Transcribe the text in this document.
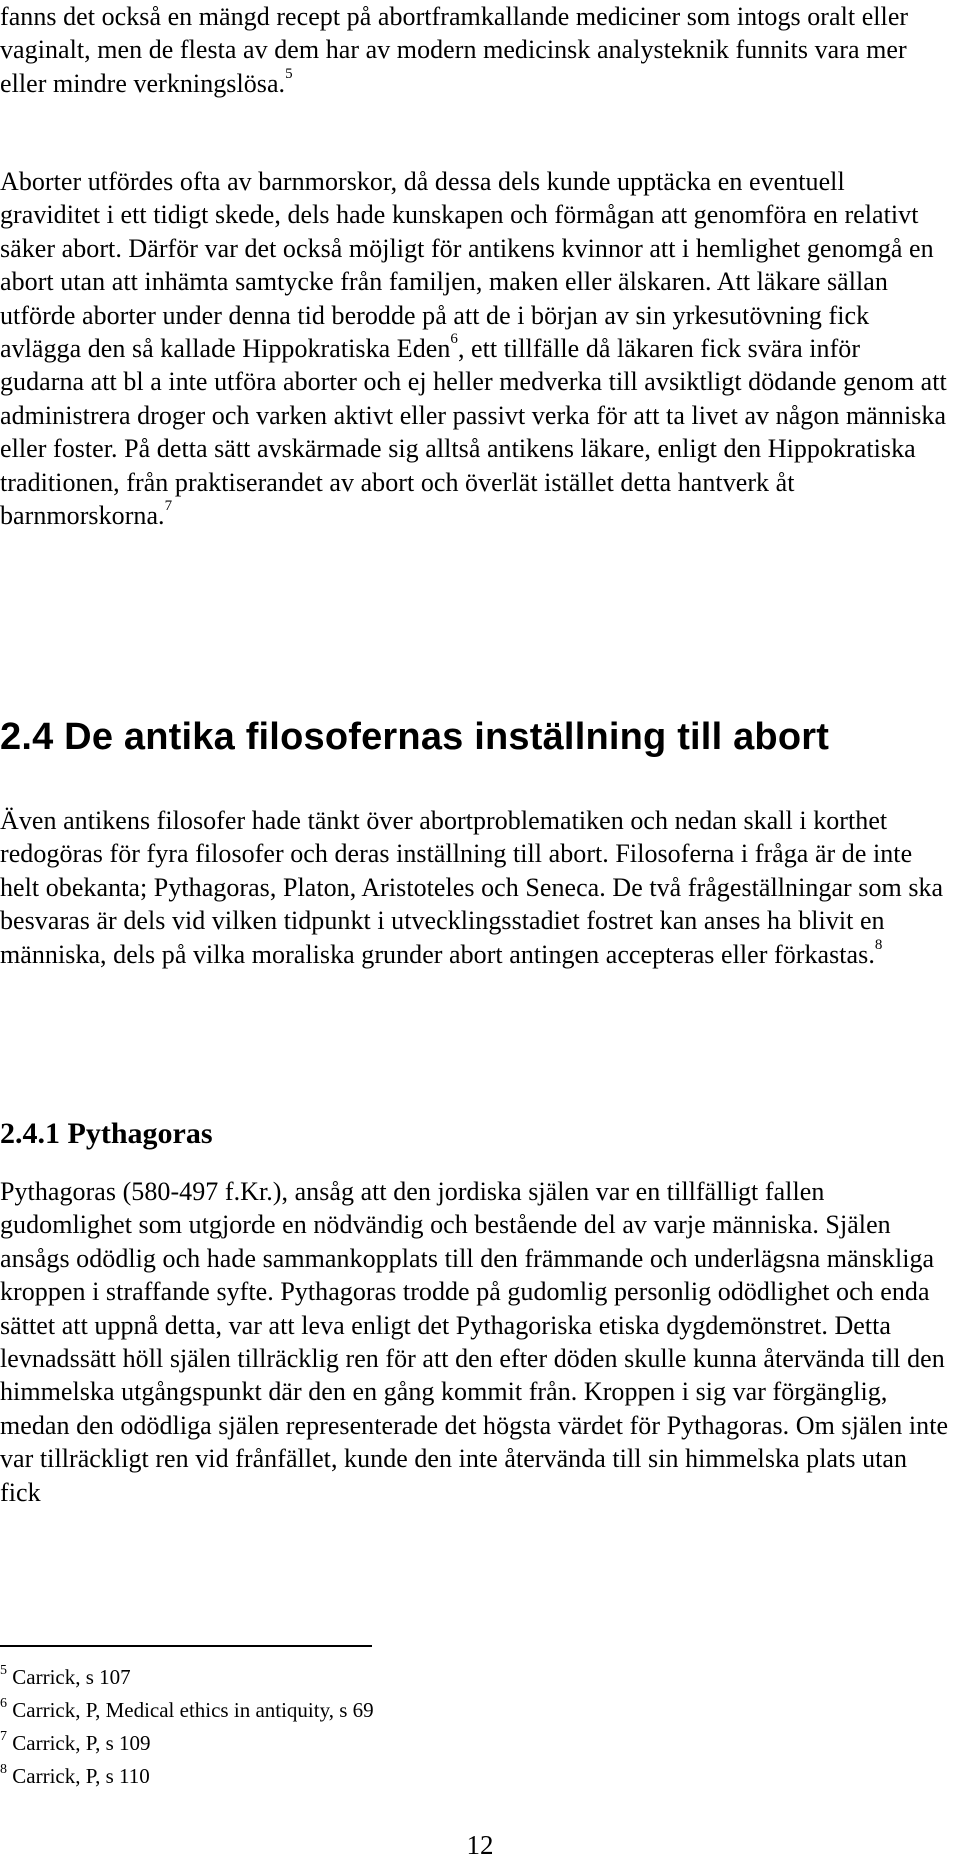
fanns det också en mängd recept på abortframkallande mediciner som intogs oralt eller vaginalt, men de flesta av dem har av modern medicinsk analysteknik funnits vara mer eller mindre verkningslösa.$^5$

Aborter utfördes ofta av barnmorskor, då dessa dels kunde upptäcka en eventuell graviditet i ett tidigt skede, dels hade kunskapen och förmågan att genomföra en relativt säker abort. Därför var det också möjligt för antikens kvinnor att i hemlighet genomgå en abort utan att inhämta samtycke från familjen, maken eller älskaren. Att läkare sällan utförde aborter under denna tid berodde på att de i början av sin yrkesutövning fick avlägga den så kallade Hippokratiska Eden$^6$, ett tillfälle då läkaren fick svära inför gudarna att bl a inte utföra aborter och ej heller medverka till avsiktligt dödande genom att administrera droger och varken aktivt eller passivt verka för att ta livet av någon människa eller foster. På detta sätt avskärmade sig alltså antikens läkare, enligt den Hippokratiska traditionen, från praktiserandet av abort och överlät istället detta hantverk åt barnmorskorna.$^7$

2.4 De antika filosofernas inställning till abort

Även antikens filosofer hade tänkt över abortproblematiken och nedan skall i korthet redogöras för fyra filosofer och deras inställning till abort. Filosoferna i fråga är de inte helt obekanta; Pythagoras, Platon, Aristoteles och Seneca. De två frågeställningar som ska besvaras är dels vid vilken tidpunkt i utvecklingsstadiet fostret kan anses ha blivit en människa, dels på vilka moraliska grunder abort antingen accepteras eller förkastas.$^8$

2.4.1 Pythagoras

Pythagoras (580-497 f.Kr.), ansåg att den jordiska själen var en tillfälligt fallen gudomlighet som utgjorde en nödvändig och bestående del av varje människa. Själen ansågs odödlig och hade sammankopplats till den främmande och underlägsna mänskliga kroppen i straffande syfte. Pythagoras trodde på gudomlig personlig odödlighet och enda sättet att uppnå detta, var att leva enligt det Pythagoriska etiska dygdemönstret. Detta levnadssätt höll själen tillräcklig ren för att den efter döden skulle kunna återvända till den himmelska utgångspunkt där den en gång kommit från. Kroppen i sig var förgänglig, medan den odödliga själen representerade det högsta värdet för Pythagoras. Om själen inte var tillräckligt ren vid frånfället, kunde den inte återvända till sin himmelska plats utan fick

$^5$ Carrick, s 107
$^6$ Carrick, P, Medical ethics in antiquity, s 69
$^7$ Carrick, P, s 109
$^8$ Carrick, P, s 110
12
